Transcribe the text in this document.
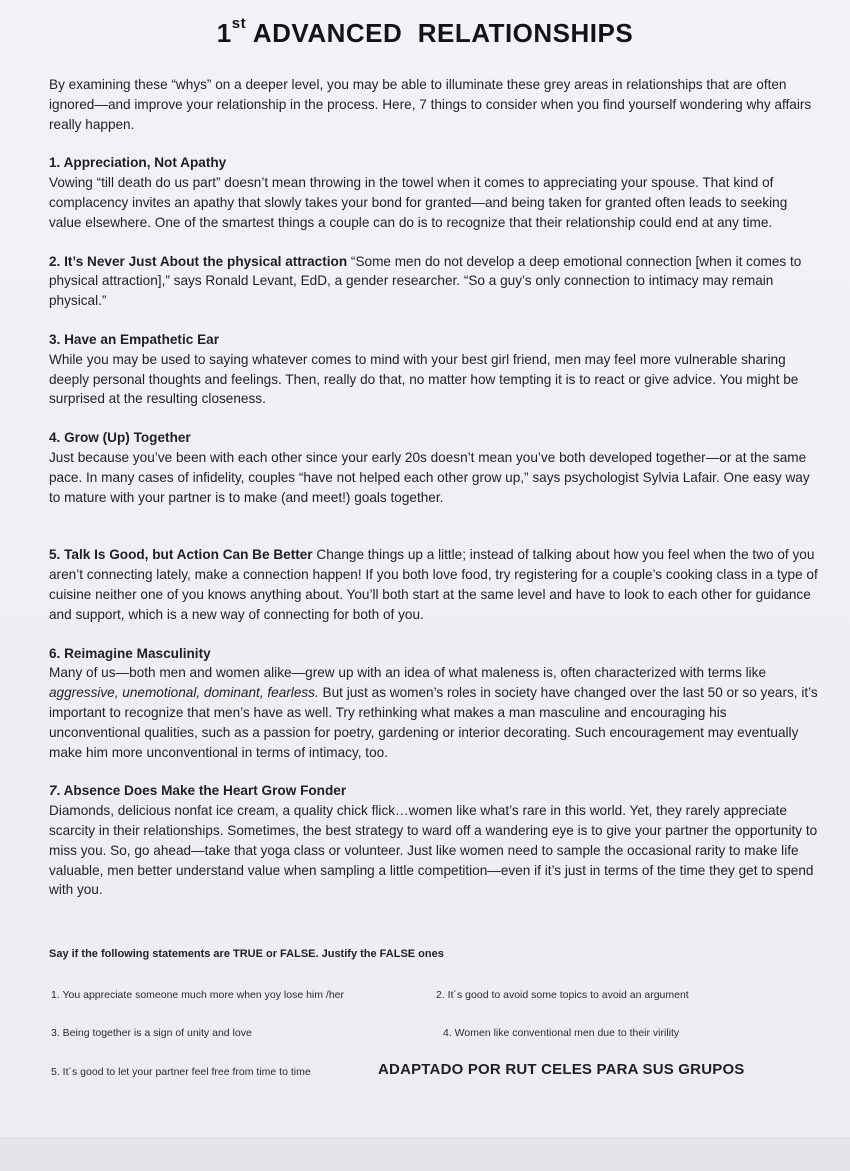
1st ADVANCED  RELATIONSHIPS

By examining these “whys” on a deeper level, you may be able to illuminate these grey areas in relationships that are often ignored—and improve your relationship in the process. Here, 7 things to consider when you find yourself wondering why affairs really happen.

1. Appreciation, Not Apathy

Vowing “till death do us part” doesn’t mean throwing in the towel when it comes to appreciating your spouse. That kind of complacency invites an apathy that slowly takes your bond for granted—and being taken for granted often leads to seeking value elsewhere. One of the smartest things a couple can do is to recognize that their relationship could end at any time.

2. It’s Never Just About the physical attraction “Some men do not develop a deep emotional connection [when it comes to physical attraction],” says Ronald Levant, EdD, a gender researcher. “So a guy’s only connection to intimacy may remain physical.”

3. Have an Empathetic Ear

While you may be used to saying whatever comes to mind with your best girl friend, men may feel more vulnerable sharing deeply personal thoughts and feelings. Then, really do that, no matter how tempting it is to react or give advice. You might be surprised at the resulting closeness.

4. Grow (Up) Together

Just because you’ve been with each other since your early 20s doesn’t mean you’ve both developed together—or at the same pace. In many cases of infidelity, couples “have not helped each other grow up,” says psychologist Sylvia Lafair. One easy way to mature with your partner is to make (and meet!) goals together.

5. Talk Is Good, but Action Can Be Better Change things up a little; instead of talking about how you feel when the two of you aren’t connecting lately, make a connection happen! If you both love food, try registering for a couple’s cooking class in a type of cuisine neither one of you knows anything about. You’ll both start at the same level and have to look to each other for guidance and support, which is a new way of connecting for both of you.

6. Reimagine Masculinity

Many of us—both men and women alike—grew up with an idea of what maleness is, often characterized with terms like aggressive, unemotional, dominant, fearless. But just as women’s roles in society have changed over the last 50 or so years, it’s important to recognize that men’s have as well. Try rethinking what makes a man masculine and encouraging his unconventional qualities, such as a passion for poetry, gardening or interior decorating. Such encouragement may eventually make him more unconventional in terms of intimacy, too.

7. Absence Does Make the Heart Grow Fonder

Diamonds, delicious nonfat ice cream, a quality chick flick…women like what’s rare in this world. Yet, they rarely appreciate scarcity in their relationships. Sometimes, the best strategy to ward off a wandering eye is to give your partner the opportunity to miss you. So, go ahead—take that yoga class or volunteer. Just like women need to sample the occasional rarity to make life valuable, men better understand value when sampling a little competition—even if it’s just in terms of the time they get to spend with you.

Say if the following statements are TRUE or FALSE. Justify the FALSE ones
1. You appreciate someone much more when yoy lose him /her	2. It´s good to avoid some topics to avoid an argument
3. Being together is a sign of unity and love	4. Women like conventional men due to their virility
5. It´s good to let your partner feel free from time to time	ADAPTADO POR RUT CELES PARA SUS GRUPOS
